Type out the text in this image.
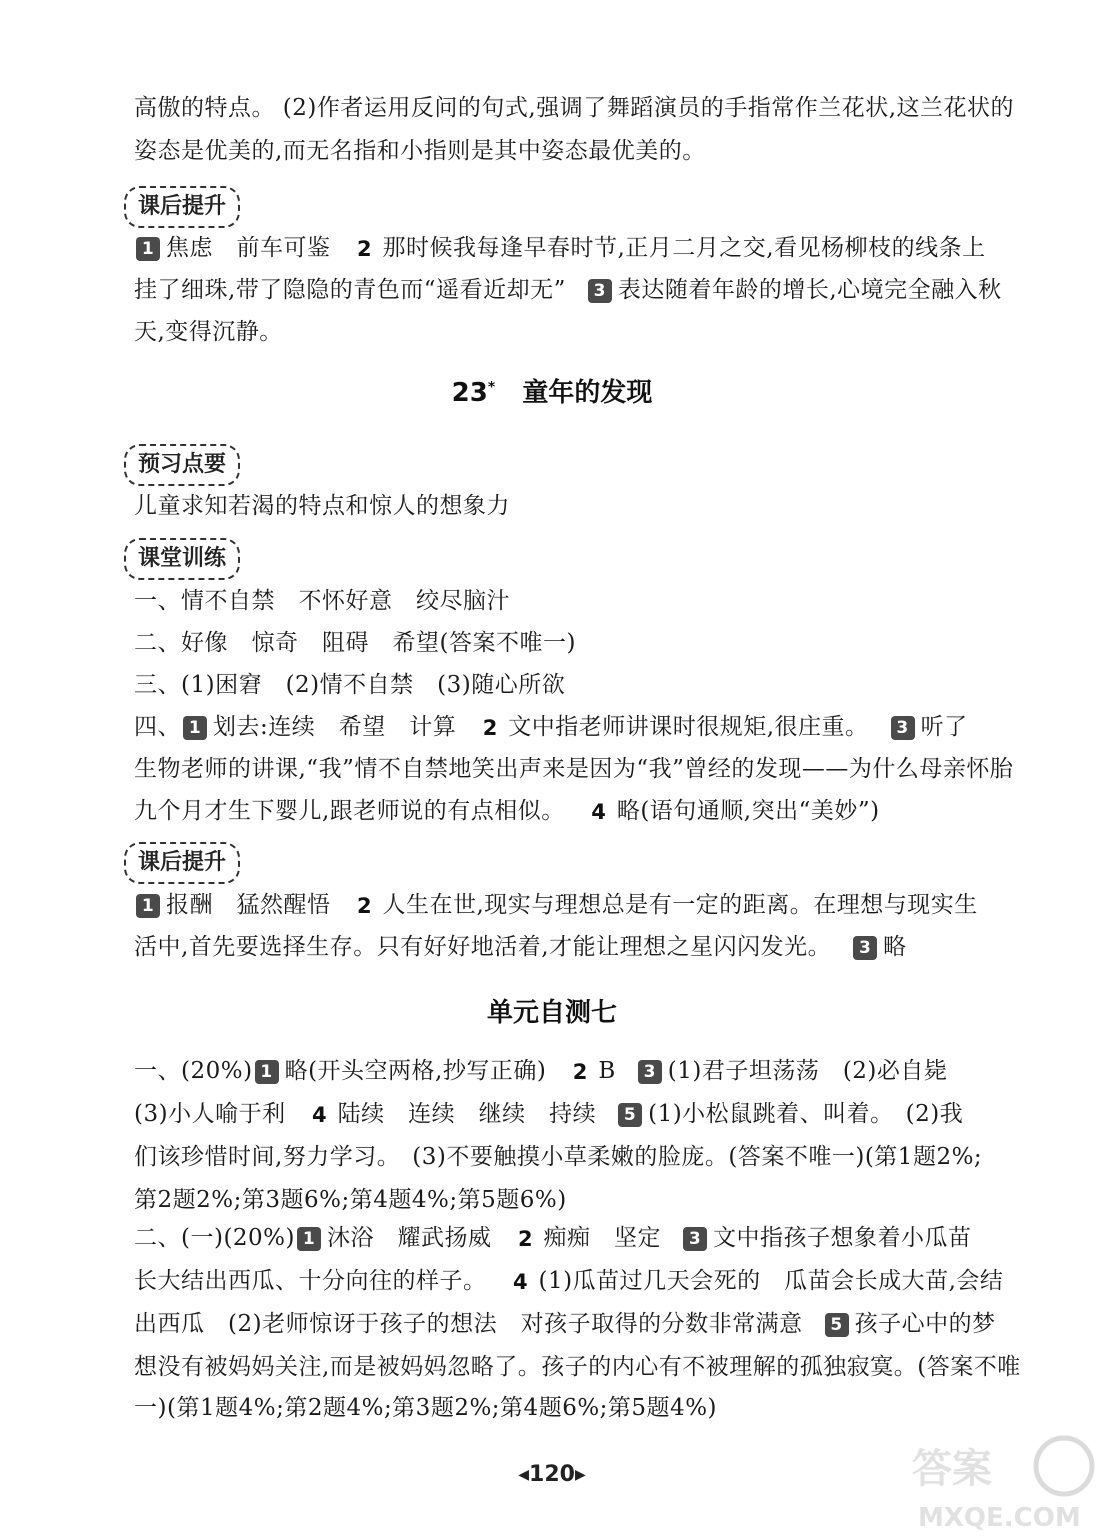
高傲的特点。 (2)作者运用反问的句式,强调了舞蹈演员的手指常作兰花状,这兰花状的
姿态是优美的,而无名指和小指则是其中姿态最优美的。
课后提升
1 焦虑　前车可鉴 2 那时候我每逢早春时节,正月二月之交,看见杨柳枝的线条上
挂了细珠,带了隐隐的青色而“遥看近却无” 3 表达随着年龄的增长,心境完全融入秋
天,变得沉静。
23* 童年的发现
预习点要
儿童求知若渴的特点和惊人的想象力
课堂训练
一、情不自禁　不怀好意　绞尽脑汁
二、好像　惊奇　阻碍　希望(答案不唯一)
三、(1)困窘　(2)情不自禁　(3)随心所欲
四、 1 划去:连续　希望　计算 2 文中指老师讲课时很规矩,很庄重。 3 听了
生物老师的讲课,“我”情不自禁地笑出声来是因为“我”曾经的发现——为什么母亲怀胎
九个月才生下婴儿,跟老师说的有点相似。 4 略(语句通顺,突出“美妙”)
课后提升
1 报酬　猛然醒悟 2 人生在世,现实与理想总是有一定的距离。在理想与现实生
活中,首先要选择生存。只有好好地活着,才能让理想之星闪闪发光。 3 略
单元自测七
一、(20%) 1 略(开头空两格,抄写正确) 2 B 3 (1)君子坦荡荡　(2)必自毙
(3)小人喻于利 4 陆续　连续　继续　持续 5 (1)小松鼠跳着、叫着。　(2)我
们该珍惜时间,努力学习。　(3)不要触摸小草柔嫩的脸庞。(答案不唯一)(第1题2%;
第2题2%;第3题6%;第4题4%;第5题6%)
二、(一)(20%) 1 沐浴　耀武扬威 2 痴痴　坚定 3 文中指孩子想象着小瓜苗
长大结出西瓜、十分向往的样子。 4 (1)瓜苗过几天会死的　瓜苗会长成大苗,会结
出西瓜　(2)老师惊讶于孩子的想法　对孩子取得的分数非常满意 5 孩子心中的梦
想没有被妈妈关注,而是被妈妈忽略了。孩子的内心有不被理解的孤独寂寞。(答案不唯
一)(第1题4%;第2题4%;第3题2%;第4题6%;第5题4%)
◀120▶	答案
MXQE.COM
